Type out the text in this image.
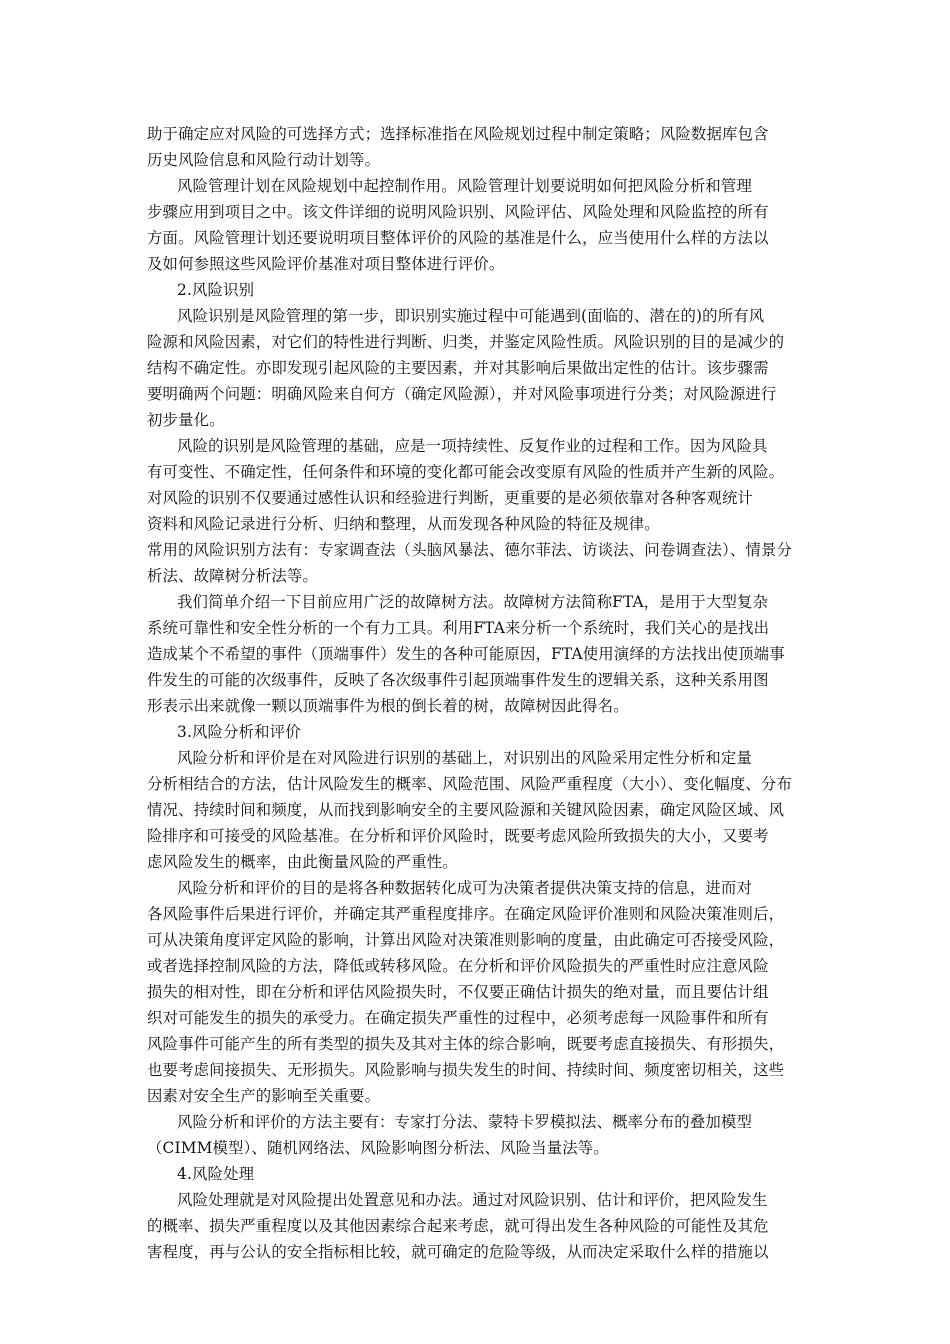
助于确定应对风险的可选择方式；选择标准指在风险规划过程中制定策略；风险数据库包含
历史风险信息和风险行动计划等。
风险管理计划在风险规划中起控制作用。风险管理计划要说明如何把风险分析和管理
步骤应用到项目之中。该文件详细的说明风险识别、风险评估、风险处理和风险监控的所有
方面。风险管理计划还要说明项目整体评价的风险的基准是什么，应当使用什么样的方法以
及如何参照这些风险评价基准对项目整体进行评价。
2.风险识别
风险识别是风险管理的第一步，即识别实施过程中可能遇到(面临的、潜在的)的所有风
险源和风险因素，对它们的特性进行判断、归类，并鉴定风险性质。风险识别的目的是减少的
结构不确定性。亦即发现引起风险的主要因素，并对其影响后果做出定性的估计。该步骤需
要明确两个问题：明确风险来自何方（确定风险源），并对风险事项进行分类；对风险源进行
初步量化。
风险的识别是风险管理的基础，应是一项持续性、反复作业的过程和工作。因为风险具
有可变性、不确定性，任何条件和环境的变化都可能会改变原有风险的性质并产生新的风险。
对风险的识别不仅要通过感性认识和经验进行判断，更重要的是必须依靠对各种客观统计
资料和风险记录进行分析、归纳和整理，从而发现各种风险的特征及规律。
常用的风险识别方法有：专家调查法（头脑风暴法、德尔菲法、访谈法、问卷调查法）、情景分
析法、故障树分析法等。
我们简单介绍一下目前应用广泛的故障树方法。故障树方法简称FTA，是用于大型复杂
系统可靠性和安全性分析的一个有力工具。利用FTA来分析一个系统时，我们关心的是找出
造成某个不希望的事件（顶端事件）发生的各种可能原因，FTA使用演绎的方法找出使顶端事
件发生的可能的次级事件，反映了各次级事件引起顶端事件发生的逻辑关系，这种关系用图
形表示出来就像一颗以顶端事件为根的倒长着的树，故障树因此得名。
3.风险分析和评价
风险分析和评价是在对风险进行识别的基础上，对识别出的风险采用定性分析和定量
分析相结合的方法，估计风险发生的概率、风险范围、风险严重程度（大小）、变化幅度、分布
情况、持续时间和频度，从而找到影响安全的主要风险源和关键风险因素，确定风险区域、风
险排序和可接受的风险基准。在分析和评价风险时，既要考虑风险所致损失的大小，又要考
虑风险发生的概率，由此衡量风险的严重性。
风险分析和评价的目的是将各种数据转化成可为决策者提供决策支持的信息，进而对
各风险事件后果进行评价，并确定其严重程度排序。在确定风险评价准则和风险决策准则后，
可从决策角度评定风险的影响，计算出风险对决策准则影响的度量，由此确定可否接受风险，
或者选择控制风险的方法，降低或转移风险。在分析和评价风险损失的严重性时应注意风险
损失的相对性，即在分析和评估风险损失时，不仅要正确估计损失的绝对量，而且要估计组
织对可能发生的损失的承受力。在确定损失严重性的过程中，必须考虑每一风险事件和所有
风险事件可能产生的所有类型的损失及其对主体的综合影响，既要考虑直接损失、有形损失，
也要考虑间接损失、无形损失。风险影响与损失发生的时间、持续时间、频度密切相关，这些
因素对安全生产的影响至关重要。
风险分析和评价的方法主要有：专家打分法、蒙特卡罗模拟法、概率分布的叠加模型
（CIMM模型）、随机网络法、风险影响图分析法、风险当量法等。
4.风险处理
风险处理就是对风险提出处置意见和办法。通过对风险识别、估计和评价，把风险发生
的概率、损失严重程度以及其他因素综合起来考虑，就可得出发生各种风险的可能性及其危
害程度，再与公认的安全指标相比较，就可确定的危险等级，从而决定采取什么样的措施以
